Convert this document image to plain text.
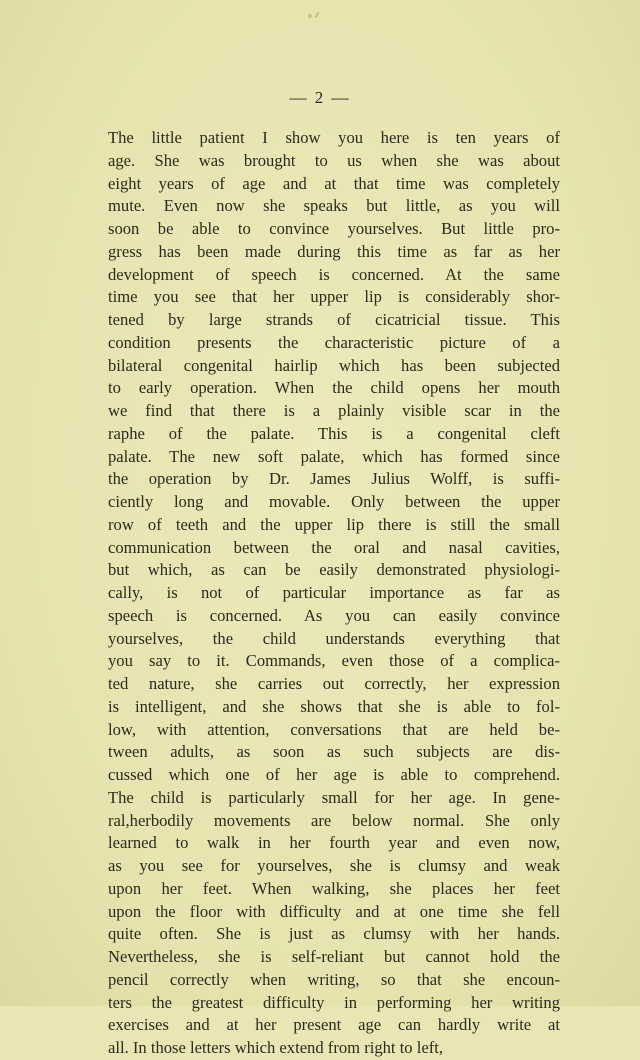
— 2 —
The little patient I show you here is ten years of
age. She was brought to us when she was about
eight years of age and at that time was completely
mute. Even now she speaks but little, as you will
soon be able to convince yourselves. But little pro-
gress has been made during this time as far as her
development of speech is concerned. At the same
time you see that her upper lip is considerably shor-
tened by large strands of cicatricial tissue. This
condition presents the characteristic picture of a
bilateral congenital hairlip which has been subjected
to early operation. When the child opens her mouth
we find that there is a plainly visible scar in the
raphe of the palate. This is a congenital cleft
palate. The new soft palate, which has formed since
the operation by Dr. James Julius Wolff, is suffi-
ciently long and movable. Only between the upper
row of teeth and the upper lip there is still the small
communication between the oral and nasal cavities,
but which, as can be easily demonstrated physiologi-
cally, is not of particular importance as far as
speech is concerned. As you can easily convince
yourselves, the child understands everything that
you say to it. Commands, even those of a complica-
ted nature, she carries out correctly, her expression
is intelligent, and she shows that she is able to fol-
low, with attention, conversations that are held be-
tween adults, as soon as such subjects are dis-
cussed which one of her age is able to comprehend.
The child is particularly small for her age. In gene-
ral,herbodily movements are below normal. She only
learned to walk in her fourth year and even now,
as you see for yourselves, she is clumsy and weak
upon her feet. When walking, she places her feet
upon the floor with difficulty and at one time she fell
quite often. She is just as clumsy with her hands.
Nevertheless, she is self-reliant but cannot hold the
pencil correctly when writing, so that she encoun-
ters the greatest difficulty in performing her writing
exercises and at her present age can hardly write at
all. In those letters which extend from right to left,
